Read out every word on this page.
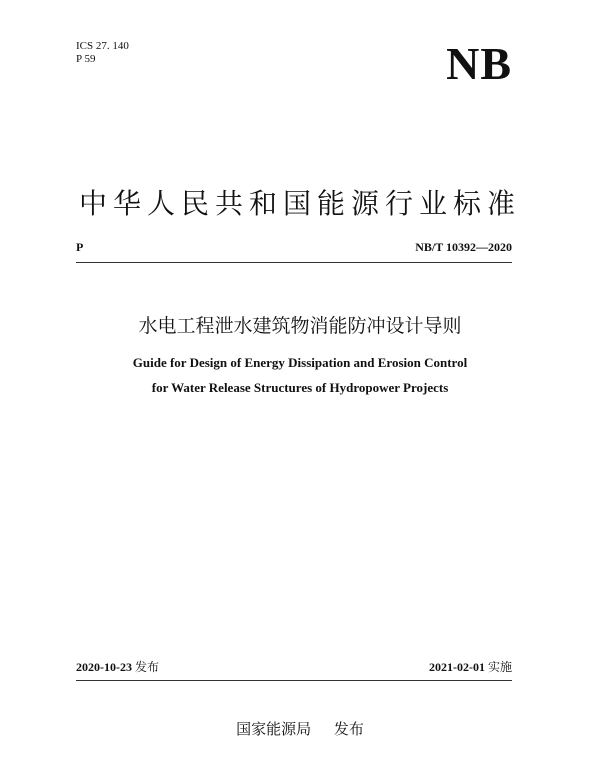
ICS 27. 140
P 59	NB
中华人民共和国能源行业标准
P	NB/T 10392—2020
水电工程泄水建筑物消能防冲设计导则
Guide for Design of Energy Dissipation and Erosion Control
for Water Release Structures of Hydropower Projects
2020-10-23 发布	2021-02-01 实施
国家能源局 发布
